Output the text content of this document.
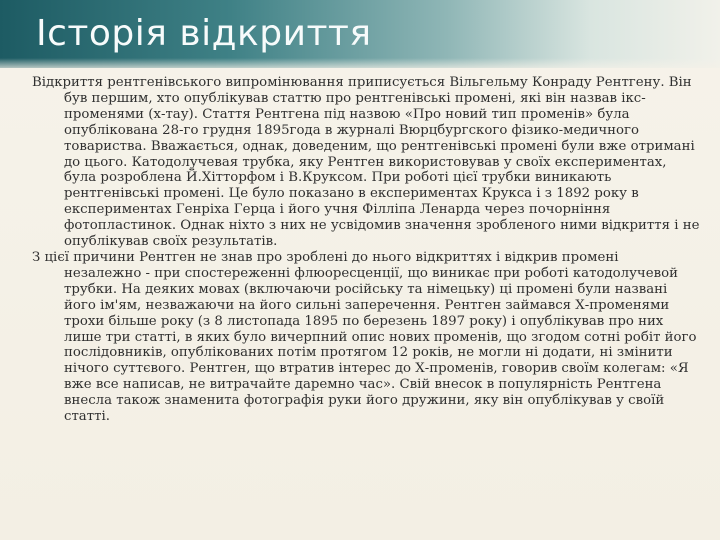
Історія відкриття

Відкриття рентгенівського випромінювання приписується Вільгельму Конраду Рентгену. Він був першим, хто опублікував статтю про рентгенівські промені, які він назвав ікс-променями (х-тау). Стаття Рентгена під назвою «Про новий тип променів» була опублікована 28-го грудня 1895года в журналі Вюрцбургского фізико-медичного товариства. Вважається, однак, доведеним, що рентгенівські промені були вже отримані до цього. Катодолучевая трубка, яку Рентген використовував у своїх експериментах, була розроблена Й.Хітторфом і В.Круксом. При роботі цієї трубки виникають рентгенівські промені. Це було показано в експериментах Крукса і з 1892 року в експериментах Генріха Герца і його учня Філліпа Ленарда через почорніння фотопластинок. Однак ніхто з них не усвідомив значення зробленого ними відкриття і не опублікував своїх результатів.

З цієї причини Рентген не знав про зроблені до нього відкриттях і відкрив промені незалежно - при спостереженні флюоресценції, що виникає при роботі катодолучевой трубки. На деяких мовах (включаючи російську та німецьку) ці промені були названі його ім'ям, незважаючи на його сильні заперечення. Рентген займався Х-променями трохи більше року (з 8 листопада 1895 по березень 1897 року) і опублікував про них лише три статті, в яких було вичерпний опис нових променів, що згодом сотні робіт його послідовників, опублікованих потім протягом 12 років, не могли ні додати, ні змінити нічого суттєвого. Рентген, що втратив інтерес до Х-променів, говорив своїм колегам: «Я вже все написав, не витрачайте даремно час». Свій внесок в популярність Рентгена внесла також знаменита фотографія руки його дружини, яку він опублікував у своїй статті.
